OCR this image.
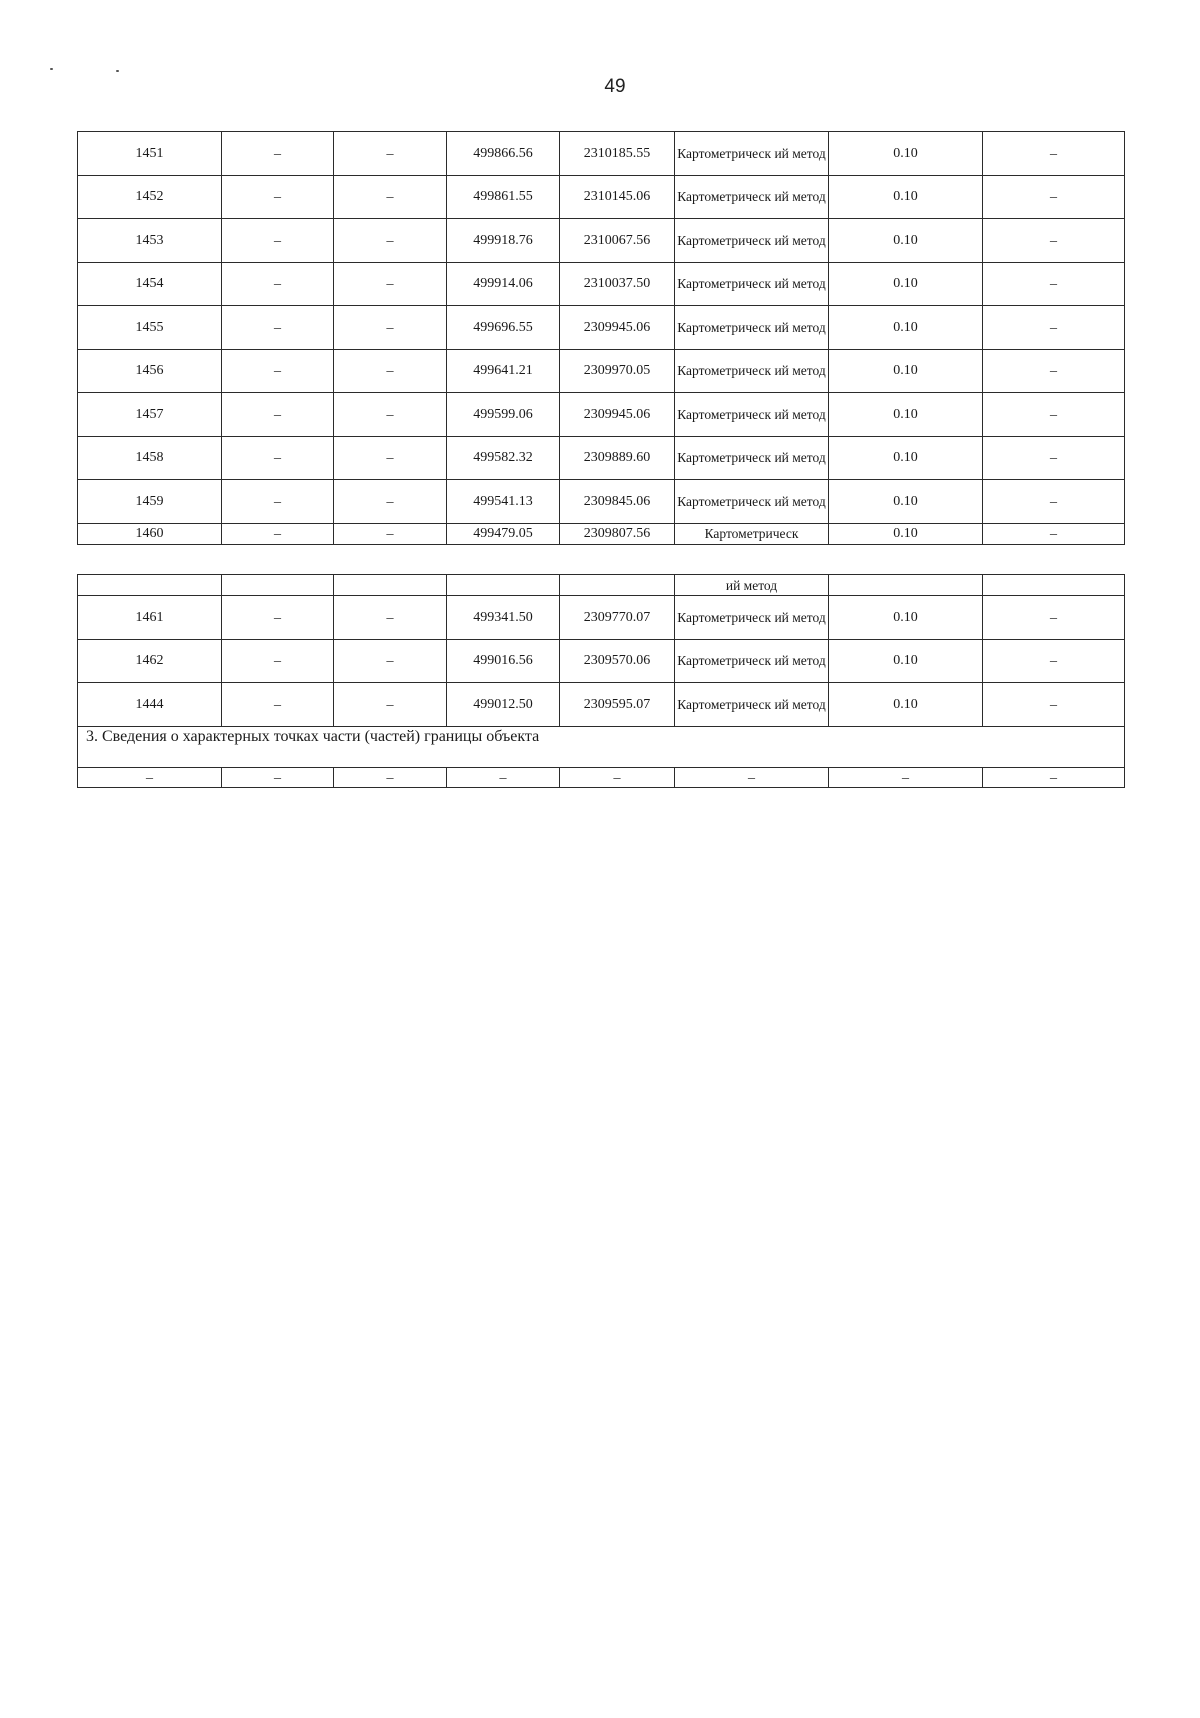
49
1451	–	–	499866.56	2310185.55	Картометрическ ий метод	0.10	–
1452	–	–	499861.55	2310145.06	Картометрическ ий метод	0.10	–
1453	–	–	499918.76	2310067.56	Картометрическ ий метод	0.10	–
1454	–	–	499914.06	2310037.50	Картометрическ ий метод	0.10	–
1455	–	–	499696.55	2309945.06	Картометрическ ий метод	0.10	–
1456	–	–	499641.21	2309970.05	Картометрическ ий метод	0.10	–
1457	–	–	499599.06	2309945.06	Картометрическ ий метод	0.10	–
1458	–	–	499582.32	2309889.60	Картометрическ ий метод	0.10	–
1459	–	–	499541.13	2309845.06	Картометрическ ий метод	0.10	–
1460	–	–	499479.05	2309807.56	Картометрическ	0.10	–
					ий метод		
1461	–	–	499341.50	2309770.07	Картометрическ ий метод	0.10	–
1462	–	–	499016.56	2309570.06	Картометрическ ий метод	0.10	–
1444	–	–	499012.50	2309595.07	Картометрическ ий метод	0.10	–
3. Сведения о характерных точках части (частей) границы объекта							
–	–	–	–	–	–	–	–
